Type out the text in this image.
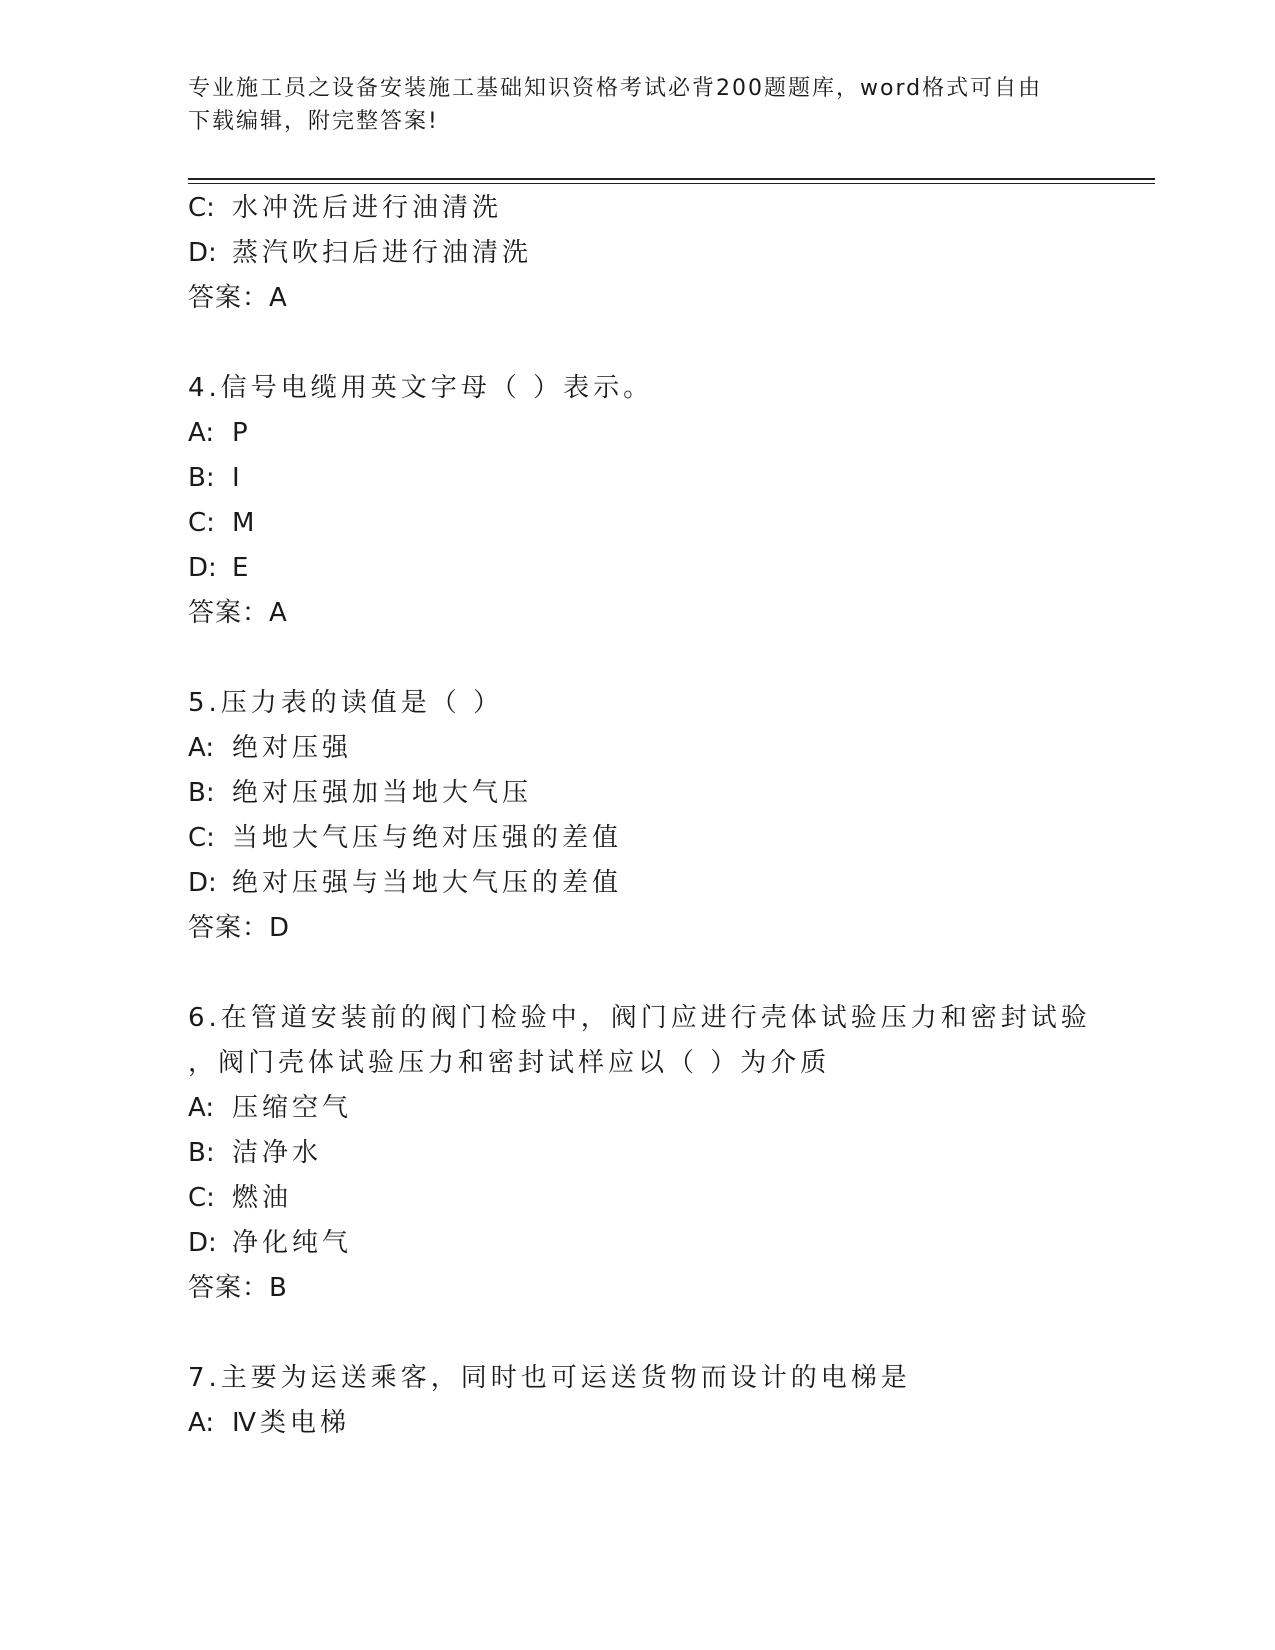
专业施工员之设备安装施工基础知识资格考试必背200题题库，word格式可自由
下载编辑，附完整答案!
C: 水冲洗后进行油清洗
D: 蒸汽吹扫后进行油清洗
答案：A
4.信号电缆用英文字母（ ）表示。
A: P
B: I
C: M
D: E
答案：A
5.压力表的读值是（ ）
A: 绝对压强
B: 绝对压强加当地大气压
C: 当地大气压与绝对压强的差值
D: 绝对压强与当地大气压的差值
答案：D
6.在管道安装前的阀门检验中，阀门应进行壳体试验压力和密封试验
，阀门壳体试验压力和密封试样应以（ ）为介质
A: 压缩空气
B: 洁净水
C: 燃油
D: 净化纯气
答案：B
7.主要为运送乘客，同时也可运送货物而设计的电梯是
A: Ⅳ类电梯
